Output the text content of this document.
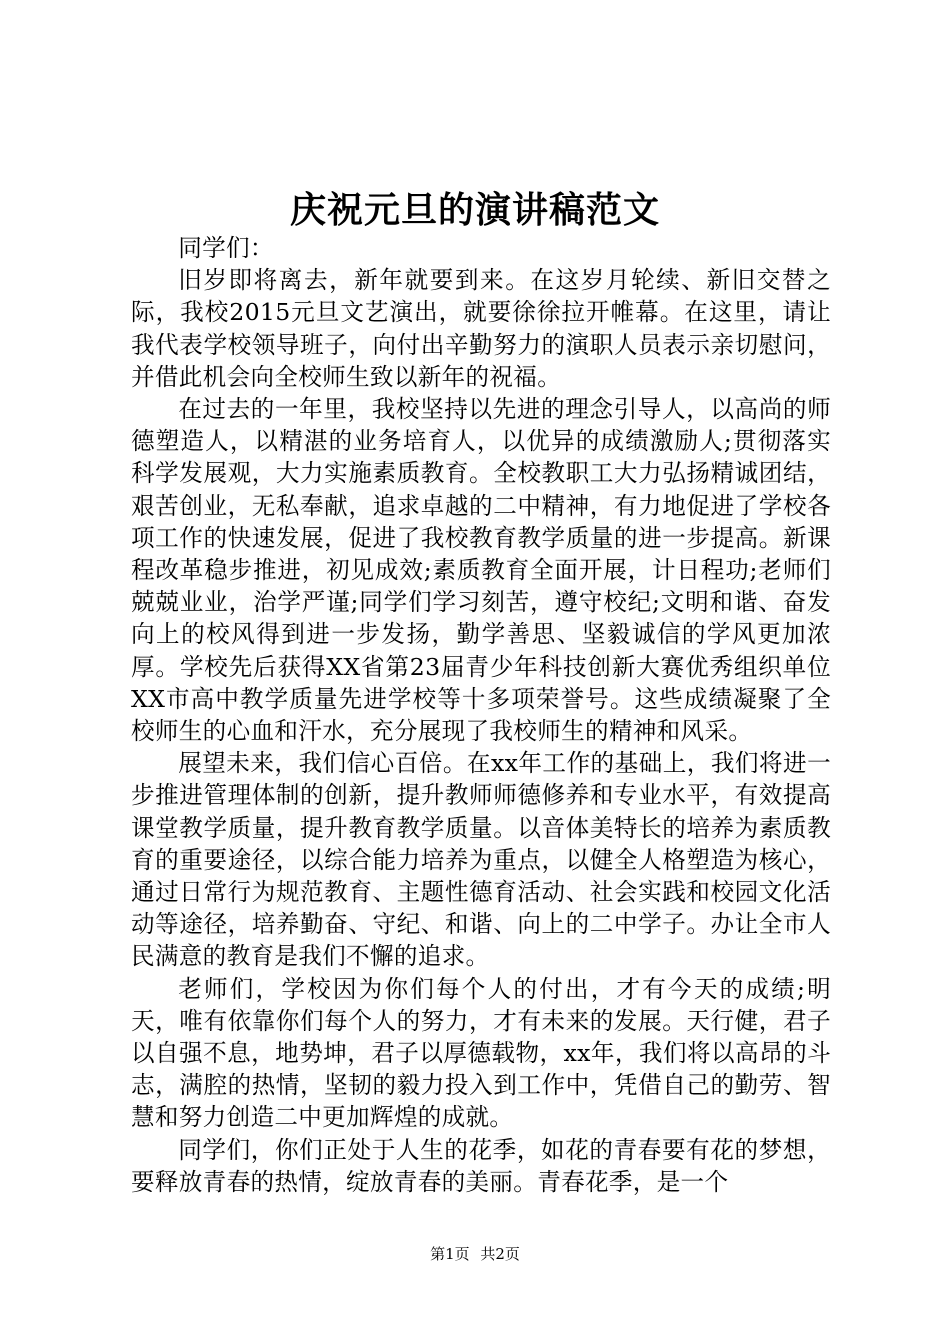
庆祝元旦的演讲稿范文

同学们：

旧岁即将离去，新年就要到来。在这岁月轮续、新旧交替之际，我校2015元旦文艺演出，就要徐徐拉开帷幕。在这里，请让我代表学校领导班子，向付出辛勤努力的演职人员表示亲切慰问，并借此机会向全校师生致以新年的祝福。

在过去的一年里，我校坚持以先进的理念引导人，以高尚的师德塑造人，以精湛的业务培育人，以优异的成绩激励人;贯彻落实科学发展观，大力实施素质教育。全校教职工大力弘扬精诚团结，艰苦创业，无私奉献，追求卓越的二中精神，有力地促进了学校各项工作的快速发展，促进了我校教育教学质量的进一步提高。新课程改革稳步推进，初见成效;素质教育全面开展，计日程功;老师们兢兢业业，治学严谨;同学们学习刻苦，遵守校纪;文明和谐、奋发向上的校风得到进一步发扬，勤学善思、坚毅诚信的学风更加浓厚。学校先后获得XX省第23届青少年科技创新大赛优秀组织单位XX市高中教学质量先进学校等十多项荣誉号。这些成绩凝聚了全校师生的心血和汗水，充分展现了我校师生的精神和风采。

展望未来，我们信心百倍。在xx年工作的基础上，我们将进一步推进管理体制的创新，提升教师师德修养和专业水平，有效提高课堂教学质量，提升教育教学质量。以音体美特长的培养为素质教育的重要途径，以综合能力培养为重点，以健全人格塑造为核心，通过日常行为规范教育、主题性德育活动、社会实践和校园文化活动等途径，培养勤奋、守纪、和谐、向上的二中学子。办让全市人民满意的教育是我们不懈的追求。

老师们，学校因为你们每个人的付出，才有今天的成绩;明天，唯有依靠你们每个人的努力，才有未来的发展。天行健，君子以自强不息，地势坤，君子以厚德载物，xx年，我们将以高昂的斗志，满腔的热情，坚韧的毅力投入到工作中，凭借自己的勤劳、智慧和努力创造二中更加辉煌的成就。

同学们，你们正处于人生的花季，如花的青春要有花的梦想，要释放青春的热情，绽放青春的美丽。青春花季，是一个

第1页 共2页
